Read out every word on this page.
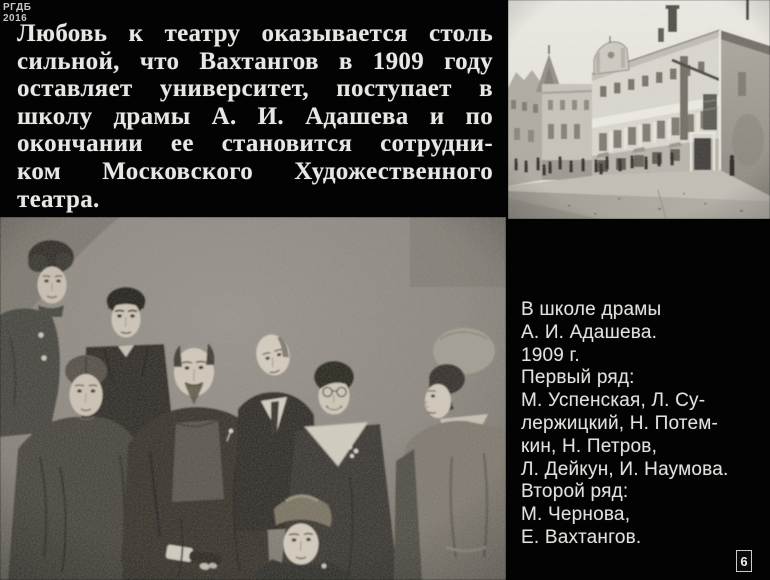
РГДБ
2016
Любовь к театру оказывается столь
сильной, что Вахтангов в 1909 году
оставляет университет, поступает в
школу драмы А. И. Адашева и по
окончании ее становится сотрудни-
ком Московского Художественного
театра.
В школе драмы
А. И. Адашева.
1909 г.
Первый ряд:
М. Успенская, Л. Су-
лержицкий, Н. Потем-
кин, Н. Петров,
Л. Дейкун, И. Наумова.
Второй ряд:
М. Чернова,
Е. Вахтангов.
6
